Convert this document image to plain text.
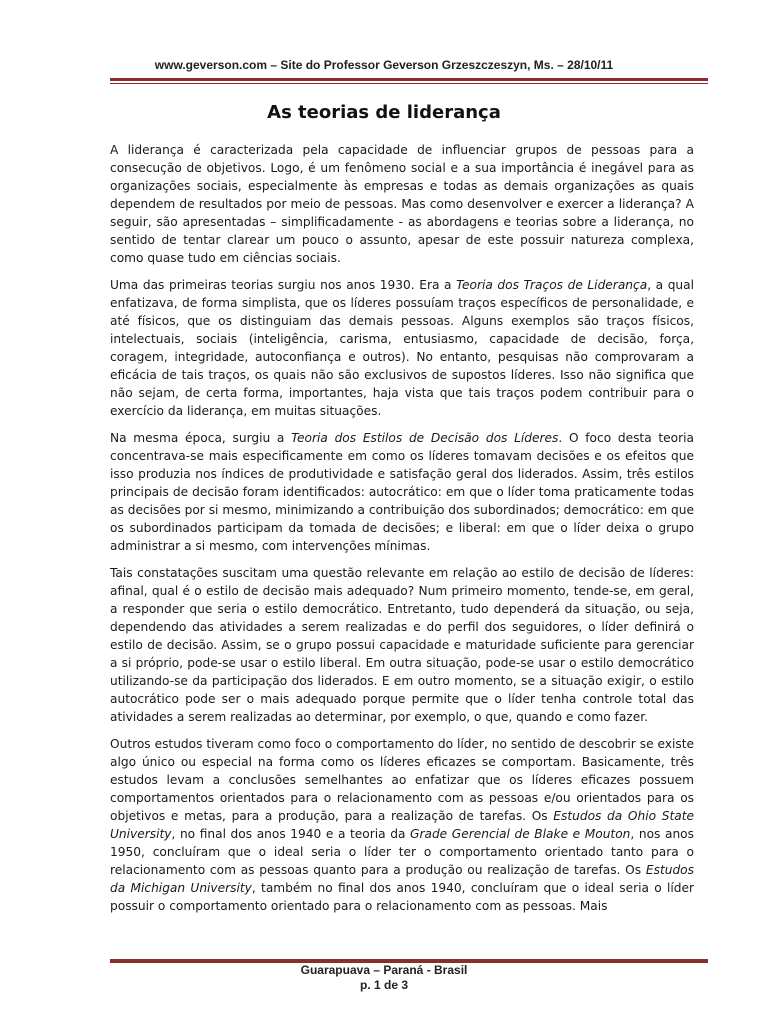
www.geverson.com – Site do Professor Geverson Grzeszczeszyn, Ms. – 28/10/11
As teorias de liderança

A liderança é caracterizada pela capacidade de influenciar grupos de pessoas para a consecução de objetivos. Logo, é um fenômeno social e a sua importância é inegável para as organizações sociais, especialmente às empresas e todas as demais organizações as quais dependem de resultados por meio de pessoas. Mas como desenvolver e exercer a liderança? A seguir, são apresentadas – simplificadamente - as abordagens e teorias sobre a liderança, no sentido de tentar clarear um pouco o assunto, apesar de este possuir natureza complexa, como quase tudo em ciências sociais.

Uma das primeiras teorias surgiu nos anos 1930. Era a Teoria dos Traços de Liderança, a qual enfatizava, de forma simplista, que os líderes possuíam traços específicos de personalidade, e até físicos, que os distinguiam das demais pessoas. Alguns exemplos são traços físicos, intelectuais, sociais (inteligência, carisma, entusiasmo, capacidade de decisão, força, coragem, integridade, autoconfiança e outros). No entanto, pesquisas não comprovaram a eficácia de tais traços, os quais não são exclusivos de supostos líderes. Isso não significa que não sejam, de certa forma, importantes, haja vista que tais traços podem contribuir para o exercício da liderança, em muitas situações.

Na mesma época, surgiu a Teoria dos Estilos de Decisão dos Líderes. O foco desta teoria concentrava-se mais especificamente em como os líderes tomavam decisões e os efeitos que isso produzia nos índices de produtividade e satisfação geral dos liderados. Assim, três estilos principais de decisão foram identificados: autocrático: em que o líder toma praticamente todas as decisões por si mesmo, minimizando a contribuição dos subordinados; democrático: em que os subordinados participam da tomada de decisões; e liberal: em que o líder deixa o grupo administrar a si mesmo, com intervenções mínimas.

Tais constatações suscitam uma questão relevante em relação ao estilo de decisão de líderes: afinal, qual é o estilo de decisão mais adequado? Num primeiro momento, tende-se, em geral, a responder que seria o estilo democrático. Entretanto, tudo dependerá da situação, ou seja, dependendo das atividades a serem realizadas e do perfil dos seguidores, o líder definirá o estilo de decisão. Assim, se o grupo possui capacidade e maturidade suficiente para gerenciar a si próprio, pode-se usar o estilo liberal. Em outra situação, pode-se usar o estilo democrático utilizando-se da participação dos liderados. E em outro momento, se a situação exigir, o estilo autocrático pode ser o mais adequado porque permite que o líder tenha controle total das atividades a serem realizadas ao determinar, por exemplo, o que, quando e como fazer.

Outros estudos tiveram como foco o comportamento do líder, no sentido de descobrir se existe algo único ou especial na forma como os líderes eficazes se comportam. Basicamente, três estudos levam a conclusões semelhantes ao enfatizar que os líderes eficazes possuem comportamentos orientados para o relacionamento com as pessoas e/ou orientados para os objetivos e metas, para a produção, para a realização de tarefas. Os Estudos da Ohio State University, no final dos anos 1940 e a teoria da Grade Gerencial de Blake e Mouton, nos anos 1950, concluíram que o ideal seria o líder ter o comportamento orientado tanto para o relacionamento com as pessoas quanto para a produção ou realização de tarefas. Os Estudos da Michigan University, também no final dos anos 1940, concluíram que o ideal seria o líder possuir o comportamento orientado para o relacionamento com as pessoas. Mais

Guarapuava – Paraná - Brasil
p. 1 de 3
